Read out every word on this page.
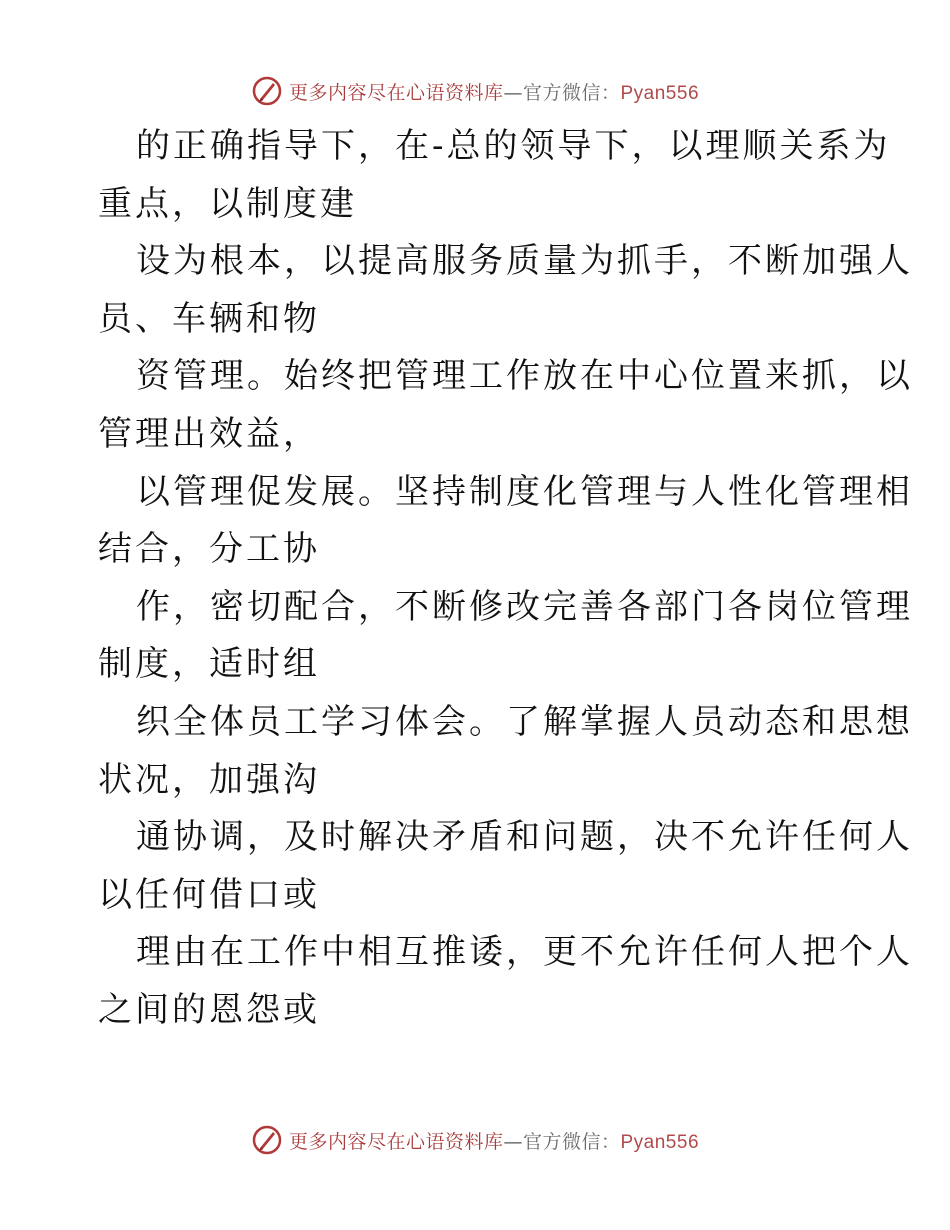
更多内容尽在心语资料库—官方微信：Pyan556
的正确指导下，在-总的领导下，以理顺关系为
重点，以制度建
设为根本，以提高服务质量为抓手，不断加强人
员、车辆和物
资管理。始终把管理工作放在中心位置来抓，以
管理出效益，
以管理促发展。坚持制度化管理与人性化管理相
结合，分工协
作，密切配合，不断修改完善各部门各岗位管理
制度，适时组
织全体员工学习体会。了解掌握人员动态和思想
状况，加强沟
通协调，及时解决矛盾和问题，决不允许任何人
以任何借口或
理由在工作中相互推诿，更不允许任何人把个人
之间的恩怨或
更多内容尽在心语资料库—官方微信：Pyan556
